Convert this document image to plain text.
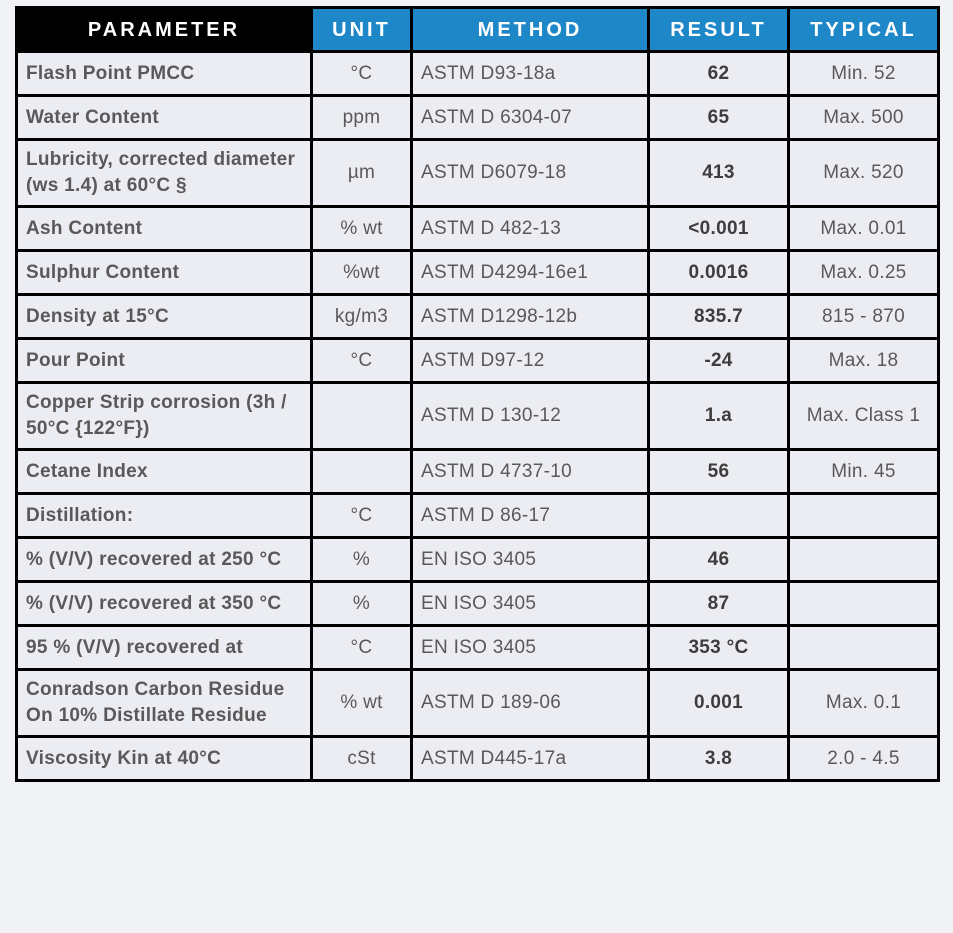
PARAMETER	UNIT	METHOD	RESULT	TYPICAL
Flash Point PMCC	°C	ASTM D93-18a	62	Min. 52
Water Content	ppm	ASTM D 6304-07	65	Max. 500
Lubricity, corrected diameter (ws 1.4) at 60°C §	µm	ASTM D6079-18	413	Max. 520
Ash Content	% wt	ASTM D 482-13	<0.001	Max. 0.01
Sulphur Content	%wt	ASTM D4294-16e1	0.0016	Max. 0.25
Density at 15°C	kg/m3	ASTM D1298-12b	835.7	815 - 870
Pour Point	°C	ASTM D97-12	-24	Max. 18
Copper Strip corrosion (3h / 50°C {122°F})		ASTM D 130-12	1.a	Max. Class 1
Cetane Index		ASTM D 4737-10	56	Min. 45
Distillation:	°C	ASTM D 86-17		
% (V/V) recovered at 250 °C	%	EN ISO 3405	46	
% (V/V) recovered at 350 °C	%	EN ISO 3405	87	
95 % (V/V) recovered at	°C	EN ISO 3405	353 °C	
Conradson Carbon Residue On 10% Distillate Residue	% wt	ASTM D 189-06	0.001	Max. 0.1
Viscosity Kin at 40°C	cSt	ASTM D445-17a	3.8	2.0 - 4.5
